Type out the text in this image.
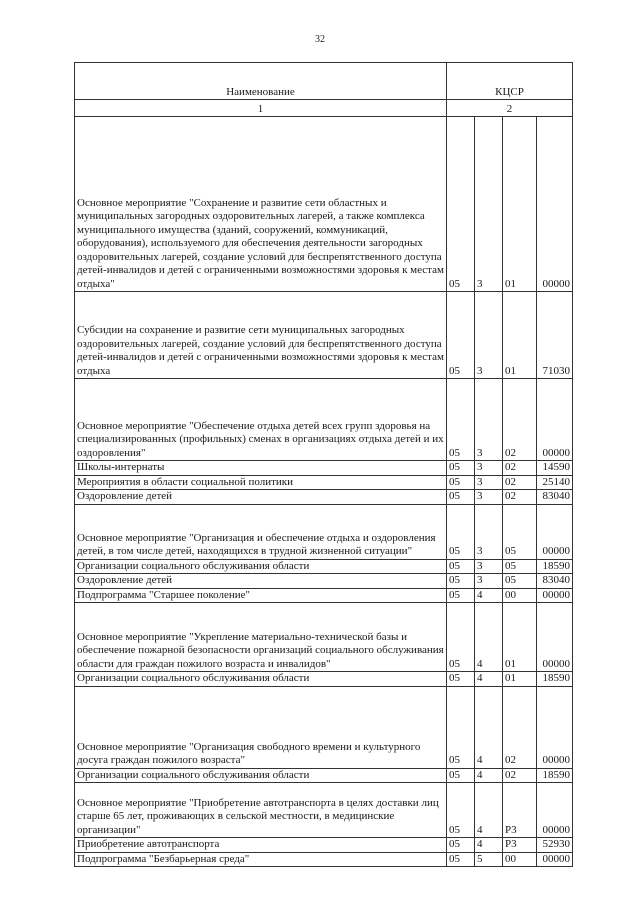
32
Наименование	КЦСР			
1	2			
Основное мероприятие "Сохранение и развитие сети областных и муниципальных загородных оздоровительных лагерей, а также комплекса муниципального имущества (зданий, сооружений, коммуникаций, оборудования), используемого для обеспечения деятельности загородных оздоровительных лагерей, создание условий для беспрепятственного доступа детей-инвалидов и детей с ограниченными возможностями здоровья к местам отдыха"	05	3	01	00000
Субсидии на сохранение и развитие сети муниципальных загородных оздоровительных лагерей, создание условий для беспрепятственного доступа детей-инвалидов и детей с ограниченными возможностями здоровья к местам отдыха	05	3	01	71030
Основное мероприятие "Обеспечение отдыха детей всех групп здоровья на специализированных (профильных) сменах в организациях отдыха детей и их оздоровления"	05	3	02	00000
Школы-интернаты	05	3	02	14590
Мероприятия в области социальной политики	05	3	02	25140
Оздоровление детей	05	3	02	83040
Основное мероприятие "Организация и обеспечение отдыха и оздоровления детей, в том числе детей, находящихся в трудной жизненной ситуации"	05	3	05	00000
Организации социального обслуживания области	05	3	05	18590
Оздоровление детей	05	3	05	83040
Подпрограмма "Старшее поколение"	05	4	00	00000
Основное мероприятие "Укрепление материально-технической базы и обеспечение пожарной безопасности организаций социального обслуживания области для граждан пожилого возраста и инвалидов"	05	4	01	00000
Организации социального обслуживания области	05	4	01	18590
Основное мероприятие "Организация свободного времени и культурного досуга граждан пожилого возраста"	05	4	02	00000
Организации социального обслуживания области	05	4	02	18590
Основное мероприятие "Приобретение автотранспорта в целях доставки лиц старше 65 лет, проживающих в сельской местности, в медицинские организации"	05	4	P3	00000
Приобретение автотранспорта	05	4	P3	52930
Подпрограмма "Безбарьерная среда"	05	5	00	00000
